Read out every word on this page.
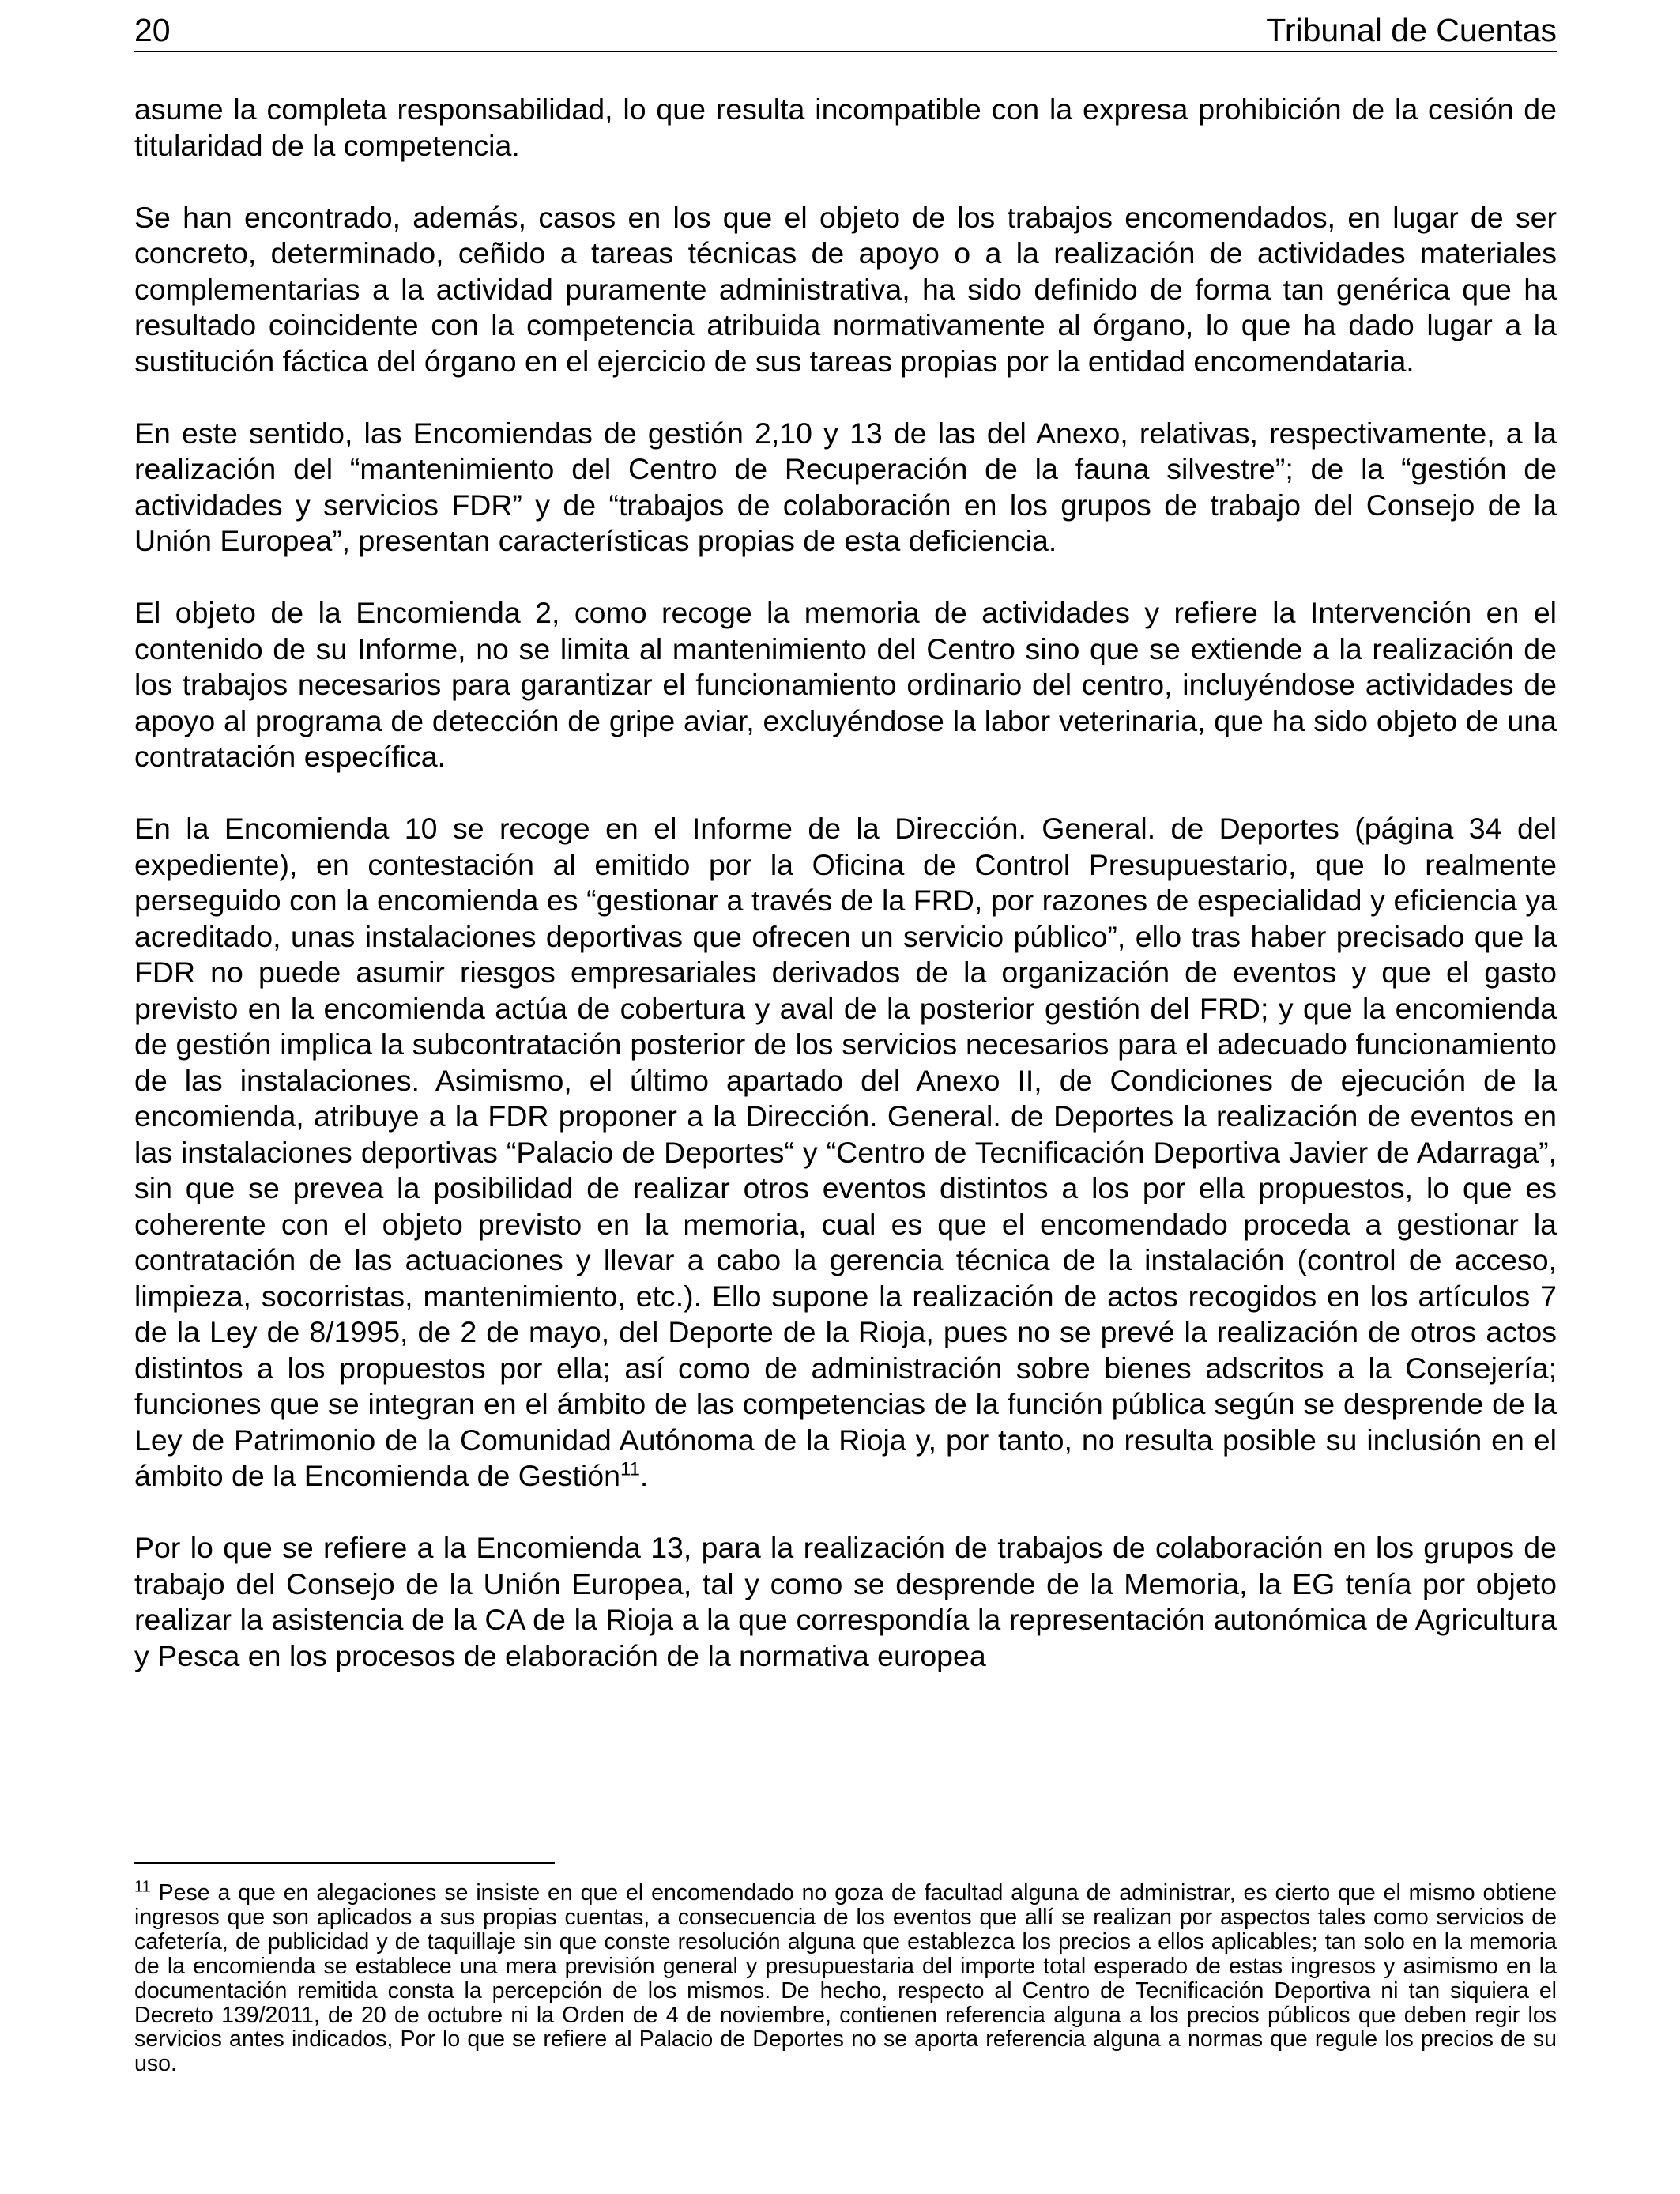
20	Tribunal de Cuentas

asume la completa responsabilidad, lo que resulta incompatible con la expresa prohibición de la cesión de titularidad de la competencia.

Se han encontrado, además, casos en los que el objeto de los trabajos encomendados, en lugar de ser concreto, determinado, ceñido a tareas técnicas de apoyo o a la realización de actividades materiales complementarias a la actividad puramente administrativa, ha sido definido de forma tan genérica que ha resultado coincidente con la competencia atribuida normativamente al órgano, lo que ha dado lugar a la sustitución fáctica del órgano en el ejercicio de sus tareas propias por la entidad encomendataria.

En este sentido, las Encomiendas de gestión 2,10 y 13 de las del Anexo, relativas, respectivamente, a la realización del “mantenimiento del Centro de Recuperación de la fauna silvestre”; de la “gestión de actividades y servicios FDR” y de “trabajos de colaboración en los grupos de trabajo del Consejo de la Unión Europea”, presentan características propias de esta deficiencia.

El objeto de la Encomienda 2, como recoge la memoria de actividades y refiere la Intervención en el contenido de su Informe, no se limita al mantenimiento del Centro sino que se extiende a la realización de los trabajos necesarios para garantizar el funcionamiento ordinario del centro, incluyéndose actividades de apoyo al programa de detección de gripe aviar, excluyéndose la labor veterinaria, que ha sido objeto de una contratación específica.

En la Encomienda 10 se recoge en el Informe de la Dirección. General. de Deportes (página 34 del expediente), en contestación al emitido por la Oficina de Control Presupuestario, que lo realmente perseguido con la encomienda es “gestionar a través de la FRD, por razones de especialidad y eficiencia ya acreditado, unas instalaciones deportivas que ofrecen un servicio público”, ello tras haber precisado que la FDR no puede asumir riesgos empresariales derivados de la organización de eventos y que el gasto previsto en la encomienda actúa de cobertura y aval de la posterior gestión del FRD; y que la encomienda de gestión implica la subcontratación posterior de los servicios necesarios para el adecuado funcionamiento de las instalaciones. Asimismo, el último apartado del Anexo II, de Condiciones de ejecución de la encomienda, atribuye a la FDR proponer a la Dirección. General. de Deportes la realización de eventos en las instalaciones deportivas “Palacio de Deportes“ y “Centro de Tecnificación Deportiva Javier de Adarraga”, sin que se prevea la posibilidad de realizar otros eventos distintos a los por ella propuestos, lo que es coherente con el objeto previsto en la memoria, cual es que el encomendado proceda a gestionar la contratación de las actuaciones y llevar a cabo la gerencia técnica de la instalación (control de acceso, limpieza, socorristas, mantenimiento, etc.). Ello supone la realización de actos recogidos en los artículos 7 de la Ley de 8/1995, de 2 de mayo, del Deporte de la Rioja, pues no se prevé la realización de otros actos distintos a los propuestos por ella; así como de administración sobre bienes adscritos a la Consejería; funciones que se integran en el ámbito de las competencias de la función pública según se desprende de la Ley de Patrimonio de la Comunidad Autónoma de la Rioja y, por tanto, no resulta posible su inclusión en el ámbito de la Encomienda de Gestión$^{11}$.

Por lo que se refiere a la Encomienda 13, para la realización de trabajos de colaboración en los grupos de trabajo del Consejo de la Unión Europea, tal y como se desprende de la Memoria, la EG tenía por objeto realizar la asistencia de la CA de la Rioja a la que correspondía la representación autonómica de Agricultura y Pesca en los procesos de elaboración de la normativa europea

$^{11}$ Pese a que en alegaciones se insiste en que el encomendado no goza de facultad alguna de administrar, es cierto que el mismo obtiene ingresos que son aplicados a sus propias cuentas, a consecuencia de los eventos que allí se realizan por aspectos tales como servicios de cafetería, de publicidad y de taquillaje sin que conste resolución alguna que establezca los precios a ellos aplicables; tan solo en la memoria de la encomienda se establece una mera previsión general y presupuestaria del importe total esperado de estas ingresos y asimismo en la documentación remitida consta la percepción de los mismos. De hecho, respecto al Centro de Tecnificación Deportiva ni tan siquiera el Decreto 139/2011, de 20 de octubre ni la Orden de 4 de noviembre, contienen referencia alguna a los precios públicos que deben regir los servicios antes indicados, Por lo que se refiere al Palacio de Deportes no se aporta referencia alguna a normas que regule los precios de su uso.
